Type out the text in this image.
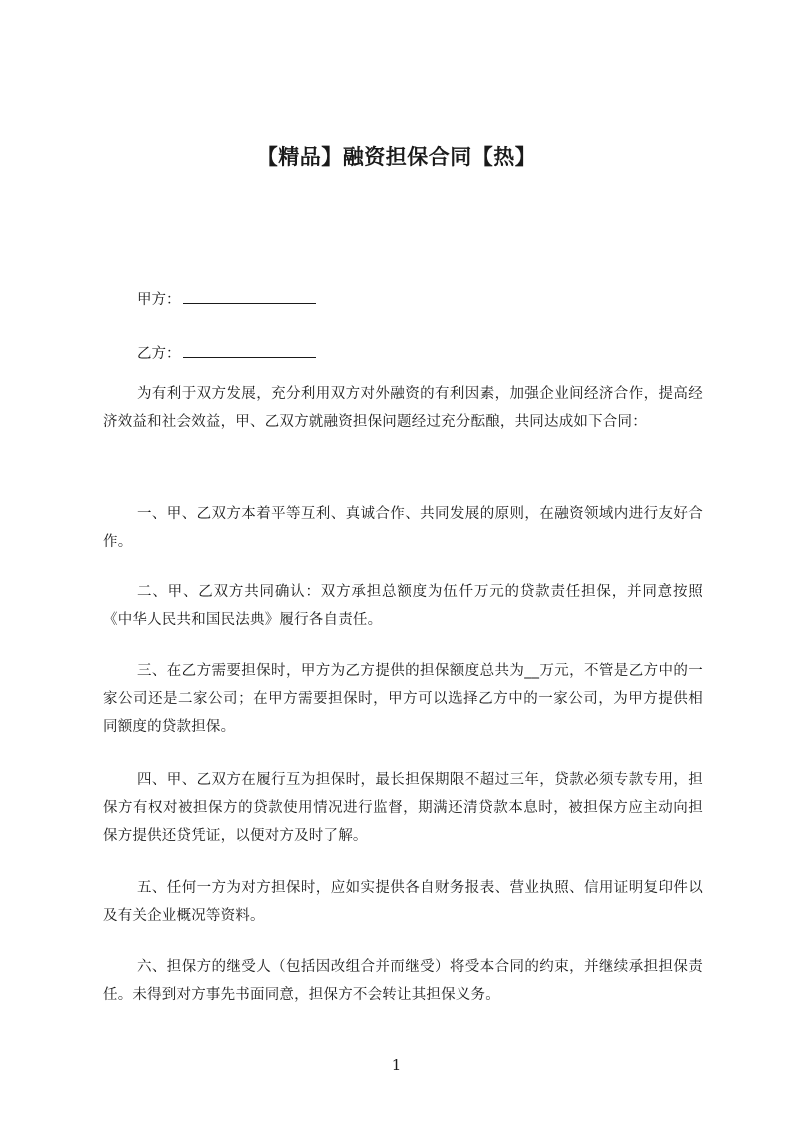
【精品】融资担保合同【热】
甲方：
乙方：

为有利于双方发展，充分利用双方对外融资的有利因素，加强企业间经济合作，提高经济效益和社会效益，甲、乙双方就融资担保问题经过充分酝酿，共同达成如下合同：

一、甲、乙双方本着平等互利、真诚合作、共同发展的原则，在融资领域内进行友好合作。

二、甲、乙双方共同确认：双方承担总额度为伍仟万元的贷款责任担保，并同意按照《中华人民共和国民法典》履行各自责任。

三、在乙方需要担保时，甲方为乙方提供的担保额度总共为__万元，不管是乙方中的一家公司还是二家公司；在甲方需要担保时，甲方可以选择乙方中的一家公司，为甲方提供相同额度的贷款担保。

四、甲、乙双方在履行互为担保时，最长担保期限不超过三年，贷款必须专款专用，担保方有权对被担保方的贷款使用情况进行监督，期满还清贷款本息时，被担保方应主动向担保方提供还贷凭证，以便对方及时了解。

五、任何一方为对方担保时，应如实提供各自财务报表、营业执照、信用证明复印件以及有关企业概况等资料。

六、担保方的继受人（包括因改组合并而继受）将受本合同的约束，并继续承担担保责任。未得到对方事先书面同意，担保方不会转让其担保义务。

1
